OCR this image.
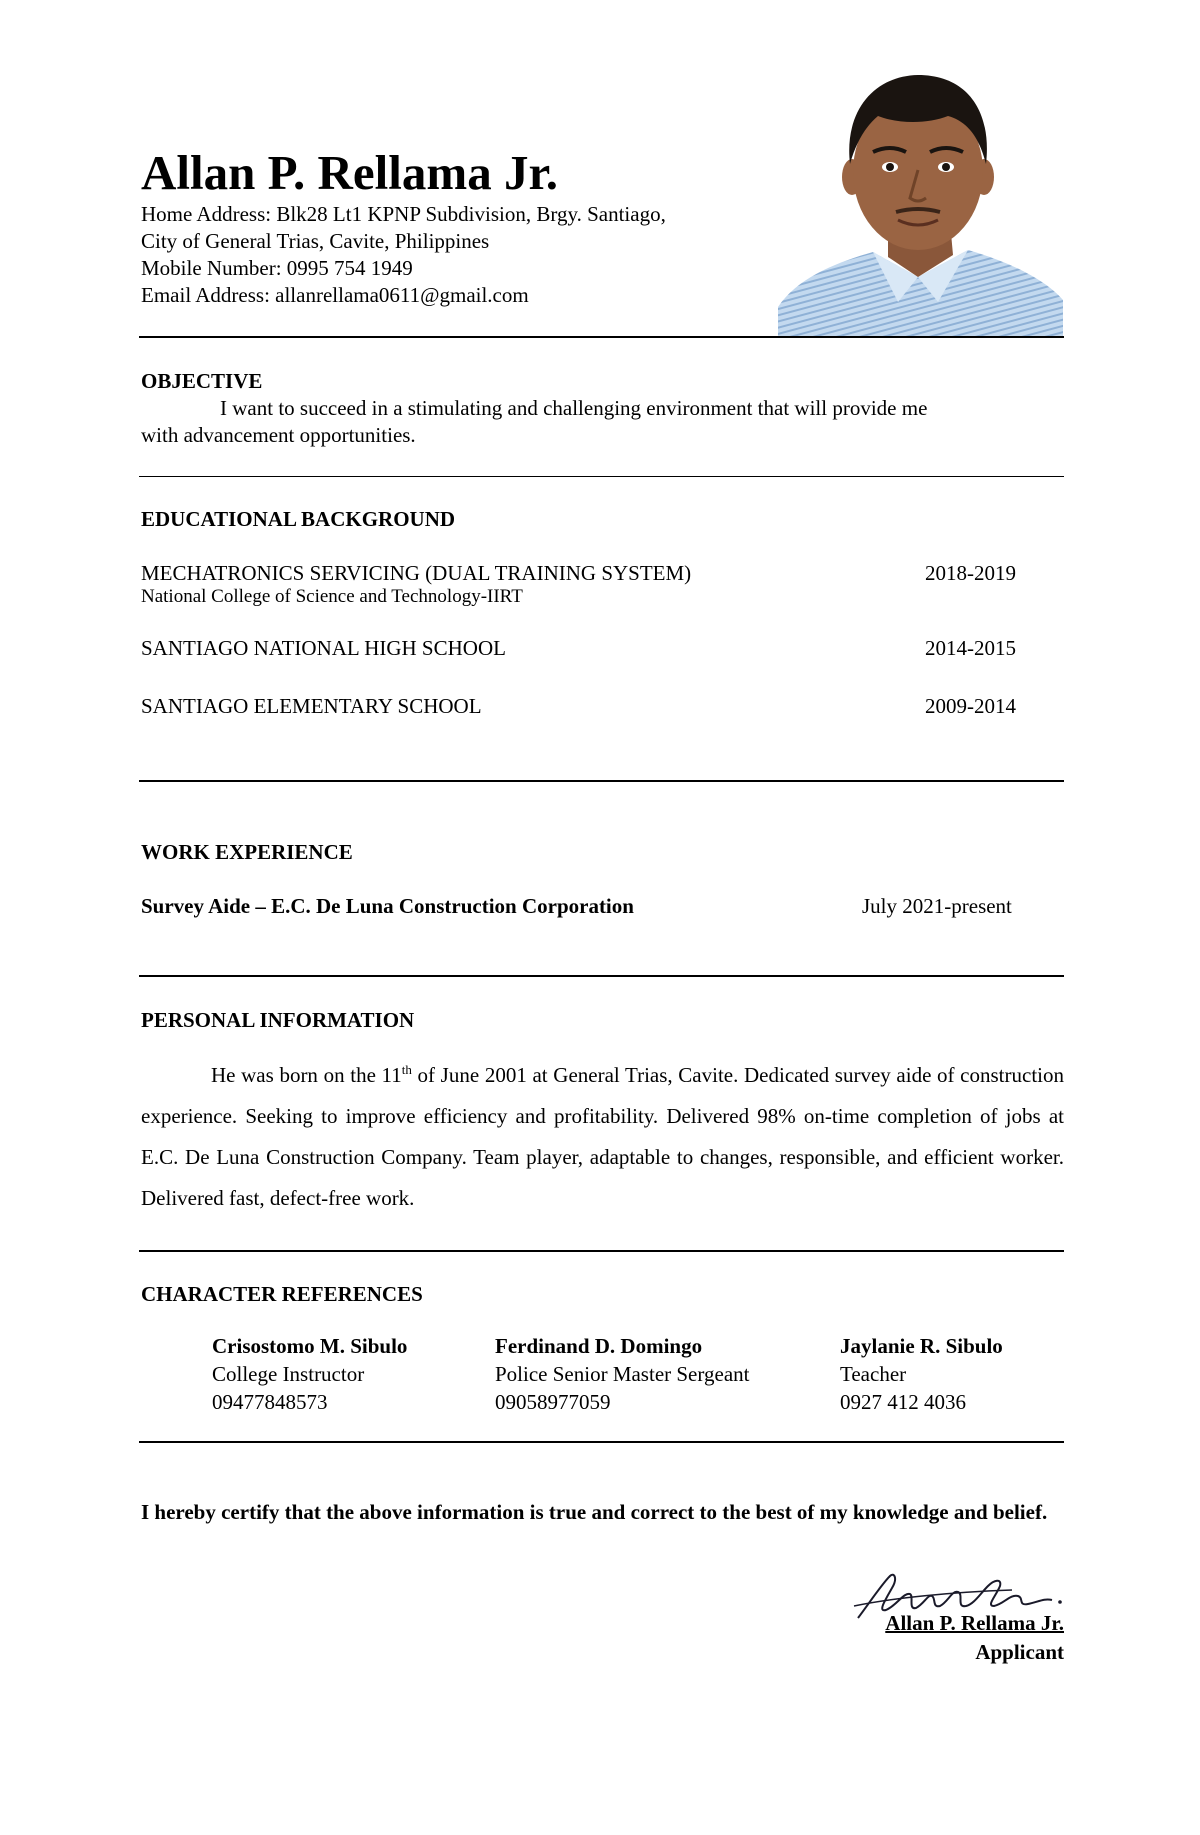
Allan P. Rellama Jr.
Home Address: Blk28 Lt1 KPNP Subdivision, Brgy. Santiago,
City of General Trias, Cavite, Philippines
Mobile Number: 0995 754 1949
Email Address: allanrellama0611@gmail.com
OBJECTIVE
I want to succeed in a stimulating and challenging environment that will provide me
with advancement opportunities.
EDUCATIONAL BACKGROUND
MECHATRONICS SERVICING (DUAL TRAINING SYSTEM)
National College of Science and Technology-IIRT
2018-2019
SANTIAGO NATIONAL HIGH SCHOOL	2014-2015
SANTIAGO ELEMENTARY SCHOOL	2009-2014
WORK EXPERIENCE
Survey Aide – E.C. De Luna Construction Corporation	July 2021-present
PERSONAL INFORMATION

He was born on the 11th of June 2001 at General Trias, Cavite. Dedicated survey aide of construction experience. Seeking to improve efficiency and profitability. Delivered 98% on-time completion of jobs at E.C. De Luna Construction Company. Team player, adaptable to changes, responsible, and efficient worker. Delivered fast, defect-free work.

CHARACTER REFERENCES
Crisostomo M. Sibulo
College Instructor
09477848573
Ferdinand D. Domingo
Police Senior Master Sergeant
09058977059
Jaylanie R. Sibulo
Teacher
0927 412 4036
I hereby certify that the above information is true and correct to the best of my knowledge and belief.
Allan P. Rellama Jr.
Applicant
